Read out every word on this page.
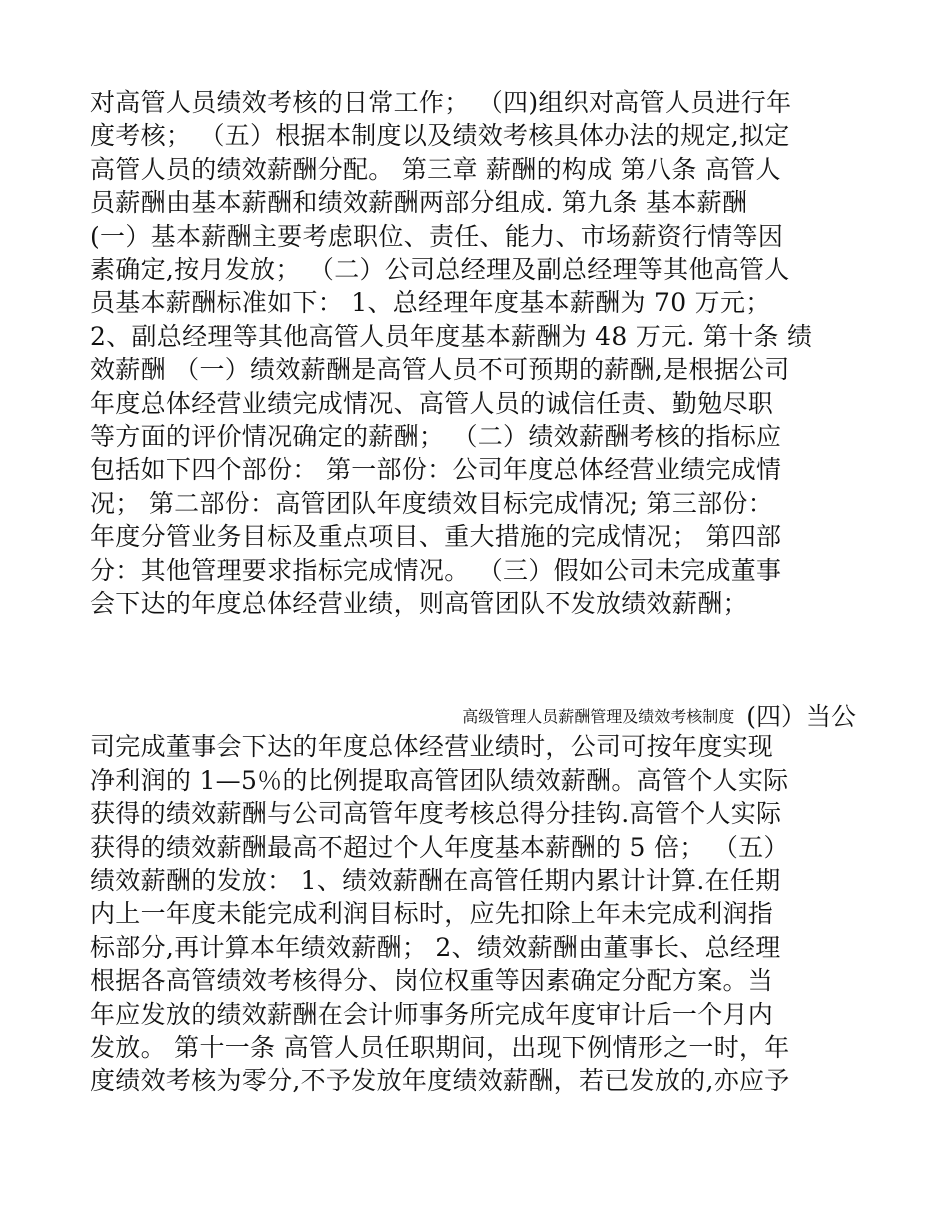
对高管人员绩效考核的日常工作； （四)组织对高管人员进行年

度考核； （五）根据本制度以及绩效考核具体办法的规定,拟定

高管人员的绩效薪酬分配。 第三章 薪酬的构成 第八条 高管人

员薪酬由基本薪酬和绩效薪酬两部分组成. 第九条 基本薪酬

(一）基本薪酬主要考虑职位、责任、能力、市场薪资行情等因

素确定,按月发放； （二）公司总经理及副总经理等其他高管人

员基本薪酬标准如下： 1、总经理年度基本薪酬为 70 万元；

2、副总经理等其他高管人员年度基本薪酬为 48 万元. 第十条 绩

效薪酬 （一）绩效薪酬是高管人员不可预期的薪酬,是根据公司

年度总体经营业绩完成情况、高管人员的诚信任责、勤勉尽职

等方面的评价情况确定的薪酬； （二）绩效薪酬考核的指标应

包括如下四个部份： 第一部份：公司年度总体经营业绩完成情

况； 第二部份：高管团队年度绩效目标完成情况; 第三部份：

年度分管业务目标及重点项目、重大措施的完成情况； 第四部

分：其他管理要求指标完成情况。 （三）假如公司未完成董事

会下达的年度总体经营业绩，则高管团队不发放绩效薪酬；

高级管理人员薪酬管理及绩效考核制度 (四）当公

司完成董事会下达的年度总体经营业绩时，公司可按年度实现

净利润的 1—5％的比例提取高管团队绩效薪酬。高管个人实际

获得的绩效薪酬与公司高管年度考核总得分挂钩.高管个人实际

获得的绩效薪酬最高不超过个人年度基本薪酬的 5 倍； （五）

绩效薪酬的发放： 1、绩效薪酬在高管任期内累计计算.在任期

内上一年度未能完成利润目标时，应先扣除上年未完成利润指

标部分,再计算本年绩效薪酬； 2、绩效薪酬由董事长、总经理

根据各高管绩效考核得分、岗位权重等因素确定分配方案。当

年应发放的绩效薪酬在会计师事务所完成年度审计后一个月内

发放。 第十一条 高管人员任职期间，出现下例情形之一时，年

度绩效考核为零分,不予发放年度绩效薪酬，若已发放的,亦应予
